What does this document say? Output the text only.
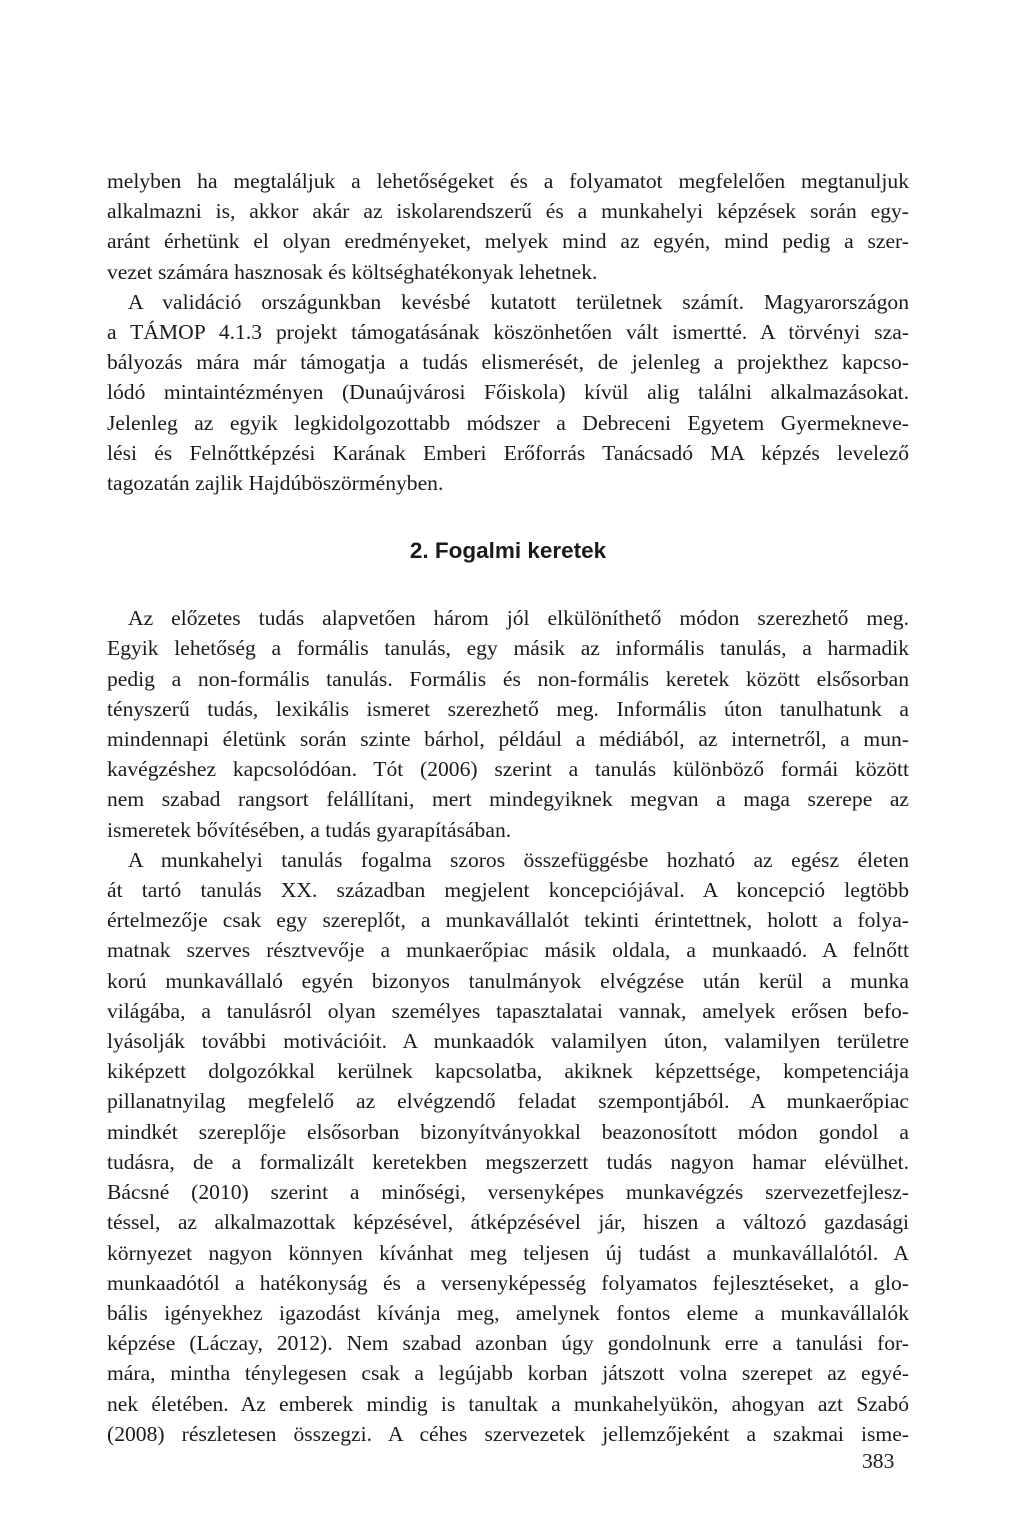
melyben ha megtaláljuk a lehetőségeket és a folyamatot megfelelően megtanuljuk
alkalmazni is, akkor akár az iskolarendszerű és a munkahelyi képzések során egy-
aránt érhetünk el olyan eredményeket, melyek mind az egyén, mind pedig a szer-
vezet számára hasznosak és költséghatékonyak lehetnek.

A validáció országunkban kevésbé kutatott területnek számít. Magyarországon
a TÁMOP 4.1.3 projekt támogatásának köszönhetően vált ismertté. A törvényi sza-
bályozás mára már támogatja a tudás elismerését, de jelenleg a projekthez kapcso-
lódó mintaintézményen (Dunaújvárosi Főiskola) kívül alig találni alkalmazásokat.
Jelenleg az egyik legkidolgozottabb módszer a Debreceni Egyetem Gyermekneve-
lési és Felnőttképzési Karának Emberi Erőforrás Tanácsadó MA képzés levelező
tagozatán zajlik Hajdúböszörményben.

2. Fogalmi keretek

Az előzetes tudás alapvetően három jól elkülöníthető módon szerezhető meg.
Egyik lehetőség a formális tanulás, egy másik az informális tanulás, a harmadik
pedig a non-formális tanulás. Formális és non-formális keretek között elsősorban
tényszerű tudás, lexikális ismeret szerezhető meg. Informális úton tanulhatunk a
mindennapi életünk során szinte bárhol, például a médiából, az internetről, a mun-
kavégzéshez kapcsolódóan. Tót (2006) szerint a tanulás különböző formái között
nem szabad rangsort felállítani, mert mindegyiknek megvan a maga szerepe az
ismeretek bővítésében, a tudás gyarapításában.

A munkahelyi tanulás fogalma szoros összefüggésbe hozható az egész életen
át tartó tanulás XX. században megjelent koncepciójával. A koncepció legtöbb
értelmezője csak egy szereplőt, a munkavállalót tekinti érintettnek, holott a folya-
matnak szerves résztvevője a munkaerőpiac másik oldala, a munkaadó. A felnőtt
korú munkavállaló egyén bizonyos tanulmányok elvégzése után kerül a munka
világába, a tanulásról olyan személyes tapasztalatai vannak, amelyek erősen befo-
lyásolják további motivációit. A munkaadók valamilyen úton, valamilyen területre
kiképzett dolgozókkal kerülnek kapcsolatba, akiknek képzettsége, kompetenciája
pillanatnyilag megfelelő az elvégzendő feladat szempontjából. A munkaerőpiac
mindkét szereplője elsősorban bizonyítványokkal beazonosított módon gondol a
tudásra, de a formalizált keretekben megszerzett tudás nagyon hamar elévülhet.
Bácsné (2010) szerint a minőségi, versenyképes munkavégzés szervezetfejlesz-
téssel, az alkalmazottak képzésével, átképzésével jár, hiszen a változó gazdasági
környezet nagyon könnyen kívánhat meg teljesen új tudást a munkavállalótól. A
munkaadótól a hatékonyság és a versenyképesség folyamatos fejlesztéseket, a glo-
bális igényekhez igazodást kívánja meg, amelynek fontos eleme a munkavállalók
képzése (Láczay, 2012). Nem szabad azonban úgy gondolnunk erre a tanulási for-
mára, mintha ténylegesen csak a legújabb korban játszott volna szerepet az egyé-
nek életében. Az emberek mindig is tanultak a munkahelyükön, ahogyan azt Szabó
(2008) részletesen összegzi. A céhes szervezetek jellemzőjeként a szakmai isme-

383
